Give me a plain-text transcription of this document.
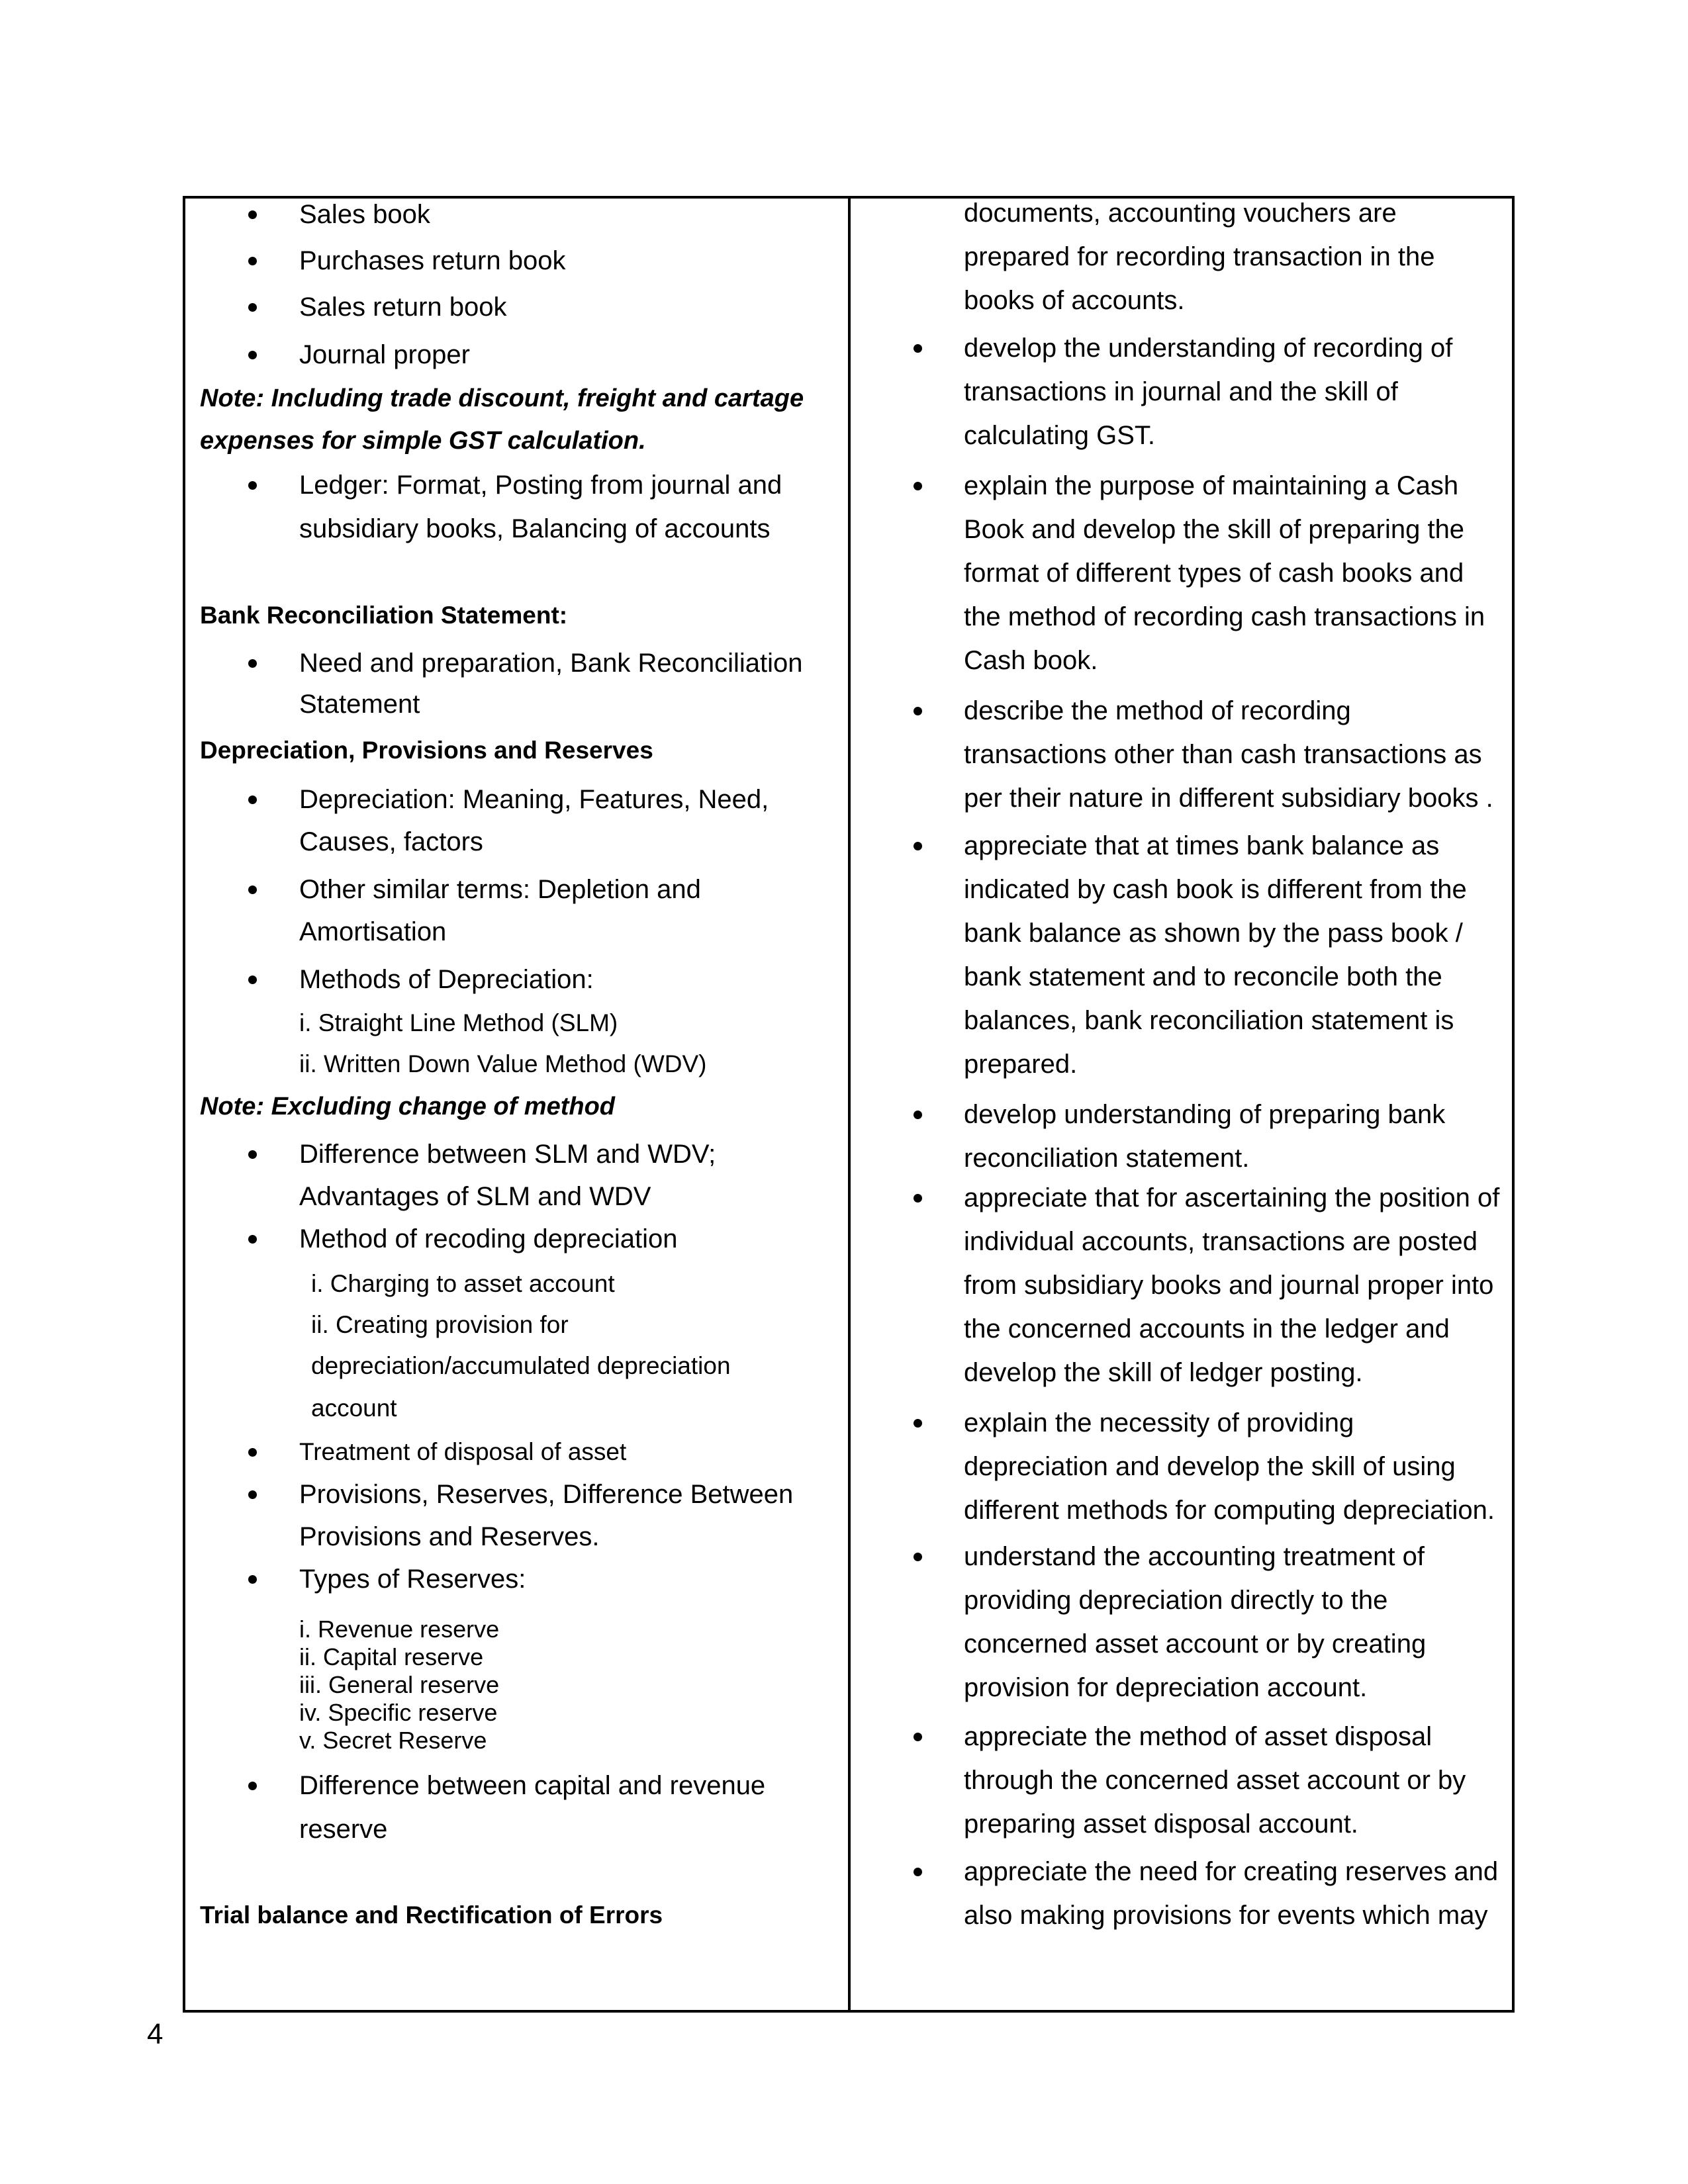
Sales book
Purchases return book
Sales return book
Journal proper
Note: Including trade discount, freight and cartage
expenses for simple GST calculation.
Ledger: Format, Posting from journal and
subsidiary books, Balancing of accounts
Bank Reconciliation Statement:
Need and preparation, Bank Reconciliation
Statement
Depreciation, Provisions and Reserves
Depreciation: Meaning, Features, Need,
Causes, factors
Other similar terms: Depletion and
Amortisation
Methods of Depreciation:
i. Straight Line Method (SLM)
ii. Written Down Value Method (WDV)
Note: Excluding change of method
Difference between SLM and WDV;
Advantages of SLM and WDV
Method of recoding depreciation
i. Charging to asset account
ii. Creating provision for
depreciation/accumulated depreciation
account
Treatment of disposal of asset
Provisions, Reserves, Difference Between
Provisions and Reserves.
Types of Reserves:
i. Revenue reserve
ii. Capital reserve
iii. General reserve
iv. Specific reserve
v. Secret Reserve
Difference between capital and revenue
reserve
Trial balance and Rectification of Errors
documents, accounting vouchers are
prepared for recording transaction in the
books of accounts.
develop the understanding of recording of
transactions in journal and the skill of
calculating GST.
explain the purpose of maintaining a Cash
Book and develop the skill of preparing the
format of different types of cash books and
the method of recording cash transactions in
Cash book.
describe the method of recording
transactions other than cash transactions as
per their nature in different subsidiary books .
appreciate that at times bank balance as
indicated by cash book is different from the
bank balance as shown by the pass book /
bank statement and to reconcile both the
balances, bank reconciliation statement is
prepared.
develop understanding of preparing bank
reconciliation statement.
appreciate that for ascertaining the position of
individual accounts, transactions are posted
from subsidiary books and journal proper into
the concerned accounts in the ledger and
develop the skill of ledger posting.
explain the necessity of providing
depreciation and develop the skill of using
different methods for computing depreciation.
understand the accounting treatment of
providing depreciation directly to the
concerned asset account or by creating
provision for depreciation account.
appreciate the method of asset disposal
through the concerned asset account or by
preparing asset disposal account.
appreciate the need for creating reserves and
also making provisions for events which may
4
